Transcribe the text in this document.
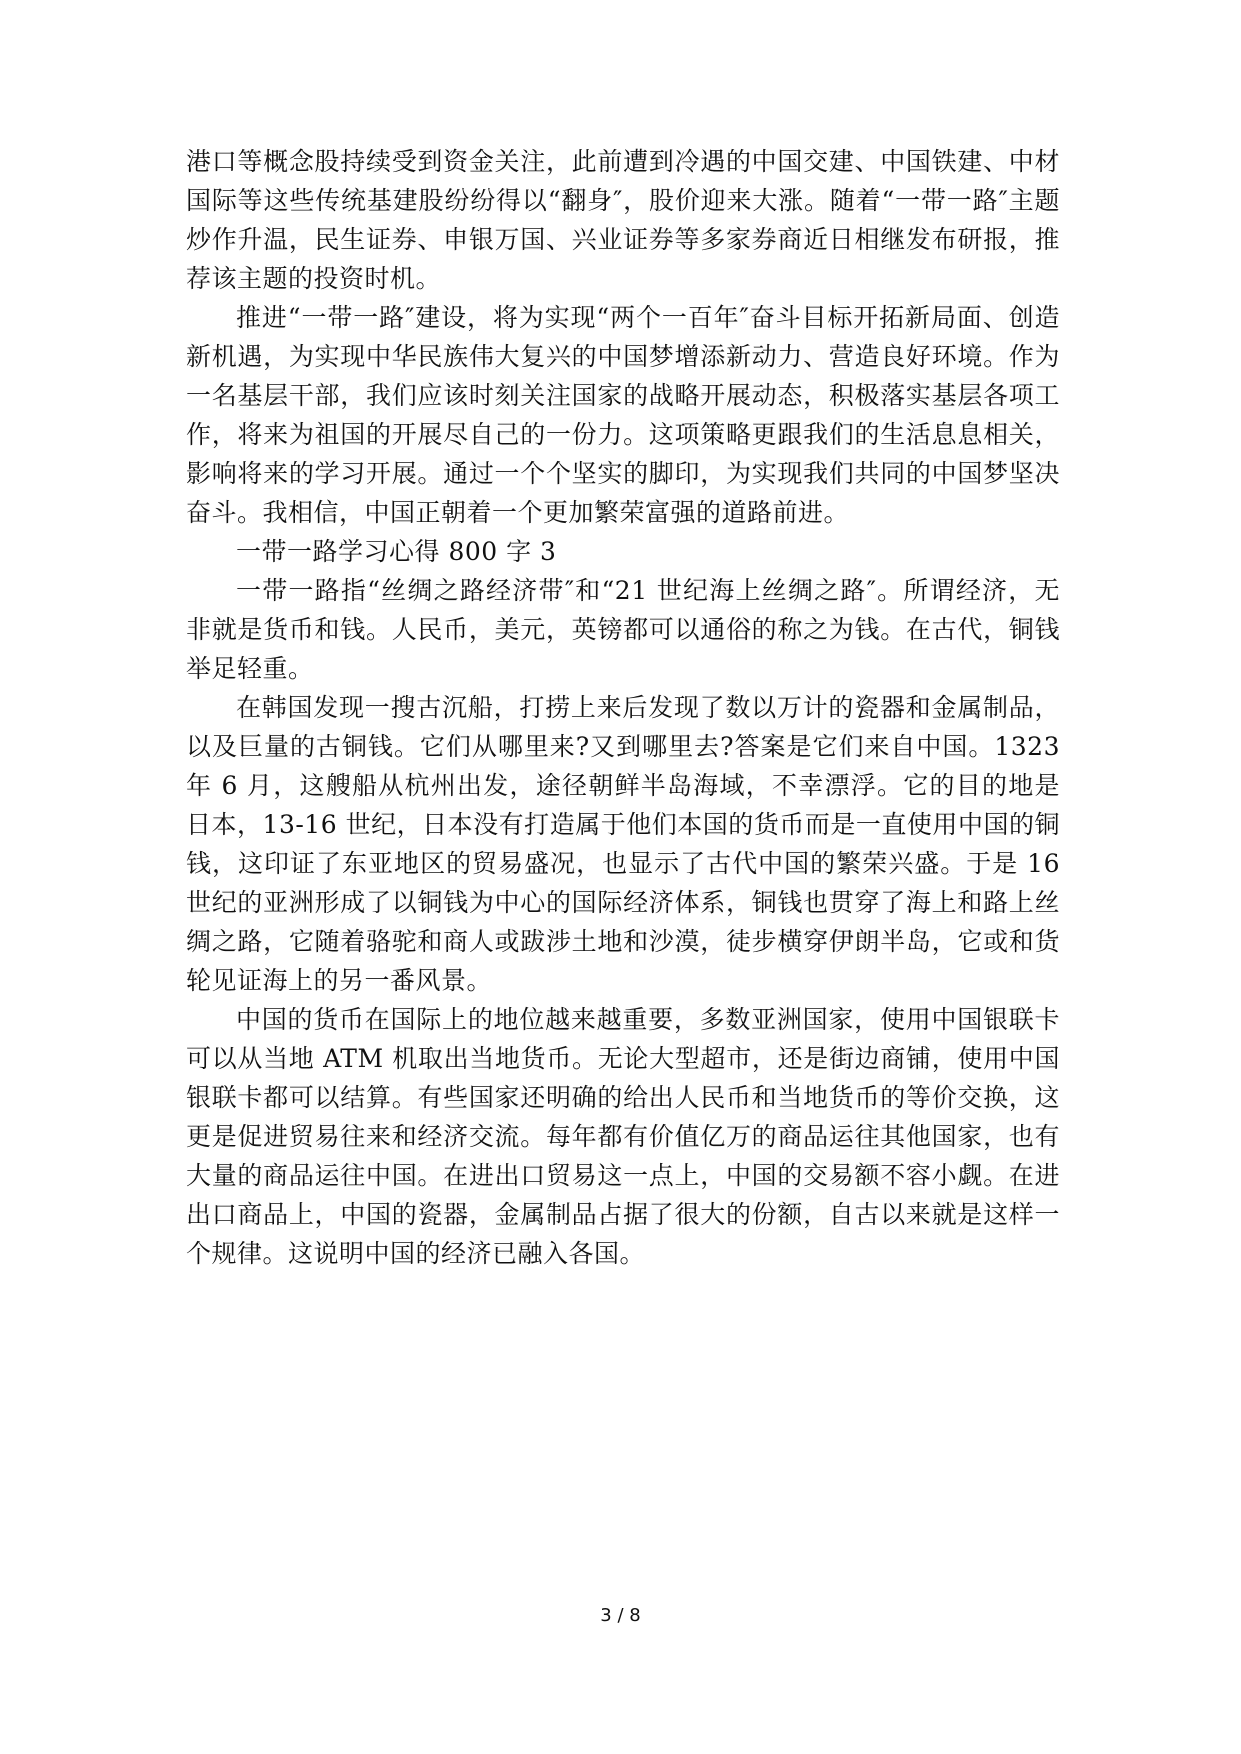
港口等概念股持续受到资金关注，此前遭到冷遇的中国交建、中国铁建、中材国际等这些传统基建股纷纷得以“翻身″，股价迎来大涨。随着“一带一路″主题炒作升温，民生证券、申银万国、兴业证券等多家券商近日相继发布研报，推荐该主题的投资时机。

推进“一带一路″建设，将为实现“两个一百年″奋斗目标开拓新局面、创造新机遇，为实现中华民族伟大复兴的中国梦增添新动力、营造良好环境。作为一名基层干部，我们应该时刻关注国家的战略开展动态，积极落实基层各项工作，将来为祖国的开展尽自己的一份力。这项策略更跟我们的生活息息相关，影响将来的学习开展。通过一个个坚实的脚印，为实现我们共同的中国梦坚决奋斗。我相信，中国正朝着一个更加繁荣富强的道路前进。

一带一路学习心得 800 字 3

一带一路指“丝绸之路经济带″和“21 世纪海上丝绸之路″。所谓经济，无非就是货币和钱。人民币，美元，英镑都可以通俗的称之为钱。在古代，铜钱举足轻重。

在韩国发现一搜古沉船，打捞上来后发现了数以万计的瓷器和金属制品，以及巨量的古铜钱。它们从哪里来?又到哪里去?答案是它们来自中国。1323 年 6 月，这艘船从杭州出发，途径朝鲜半岛海域，不幸漂浮。它的目的地是日本，13-16 世纪，日本没有打造属于他们本国的货币而是一直使用中国的铜钱，这印证了东亚地区的贸易盛况，也显示了古代中国的繁荣兴盛。于是 16 世纪的亚洲形成了以铜钱为中心的国际经济体系，铜钱也贯穿了海上和路上丝绸之路，它随着骆驼和商人或跋涉土地和沙漠，徒步横穿伊朗半岛，它或和货轮见证海上的另一番风景。

中国的货币在国际上的地位越来越重要，多数亚洲国家，使用中国银联卡可以从当地 ATM 机取出当地货币。无论大型超市，还是街边商铺，使用中国银联卡都可以结算。有些国家还明确的给出人民币和当地货币的等价交换，这更是促进贸易往来和经济交流。每年都有价值亿万的商品运往其他国家，也有大量的商品运往中国。在进出口贸易这一点上，中国的交易额不容小觑。在进出口商品上，中国的瓷器，金属制品占据了很大的份额，自古以来就是这样一个规律。这说明中国的经济已融入各国。

3 / 8
